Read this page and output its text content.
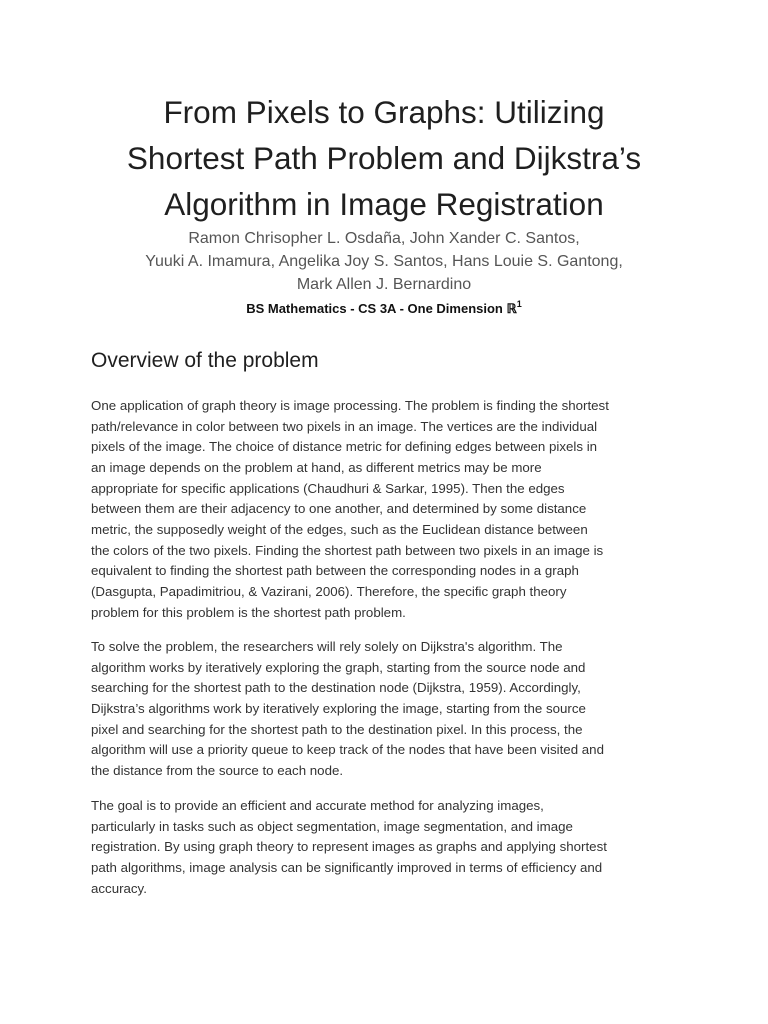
From Pixels to Graphs: Utilizing
Shortest Path Problem and Dijkstra’s
Algorithm in Image Registration

Ramon Chrisopher L. Osdaña, John Xander C. Santos,
Yuuki A. Imamura, Angelika Joy S. Santos, Hans Louie S. Gantong,
Mark Allen J. Bernardino

BS Mathematics - CS 3A - One Dimension ℝ$^1$

Overview of the problem

One application of graph theory is image processing. The problem is finding the shortest
path/relevance in color between two pixels in an image. The vertices are the individual
pixels of the image. The choice of distance metric for defining edges between pixels in
an image depends on the problem at hand, as different metrics may be more
appropriate for specific applications (Chaudhuri & Sarkar, 1995). Then the edges
between them are their adjacency to one another, and determined by some distance
metric, the supposedly weight of the edges, such as the Euclidean distance between
the colors of the two pixels. Finding the shortest path between two pixels in an image is
equivalent to finding the shortest path between the corresponding nodes in a graph
(Dasgupta, Papadimitriou, & Vazirani, 2006). Therefore, the specific graph theory
problem for this problem is the shortest path problem.

To solve the problem, the researchers will rely solely on Dijkstra's algorithm. The
algorithm works by iteratively exploring the graph, starting from the source node and
searching for the shortest path to the destination node (Dijkstra, 1959). Accordingly,
Dijkstra’s algorithms work by iteratively exploring the image, starting from the source
pixel and searching for the shortest path to the destination pixel. In this process, the
algorithm will use a priority queue to keep track of the nodes that have been visited and
the distance from the source to each node.

The goal is to provide an efficient and accurate method for analyzing images,
particularly in tasks such as object segmentation, image segmentation, and image
registration. By using graph theory to represent images as graphs and applying shortest
path algorithms, image analysis can be significantly improved in terms of efficiency and
accuracy.
